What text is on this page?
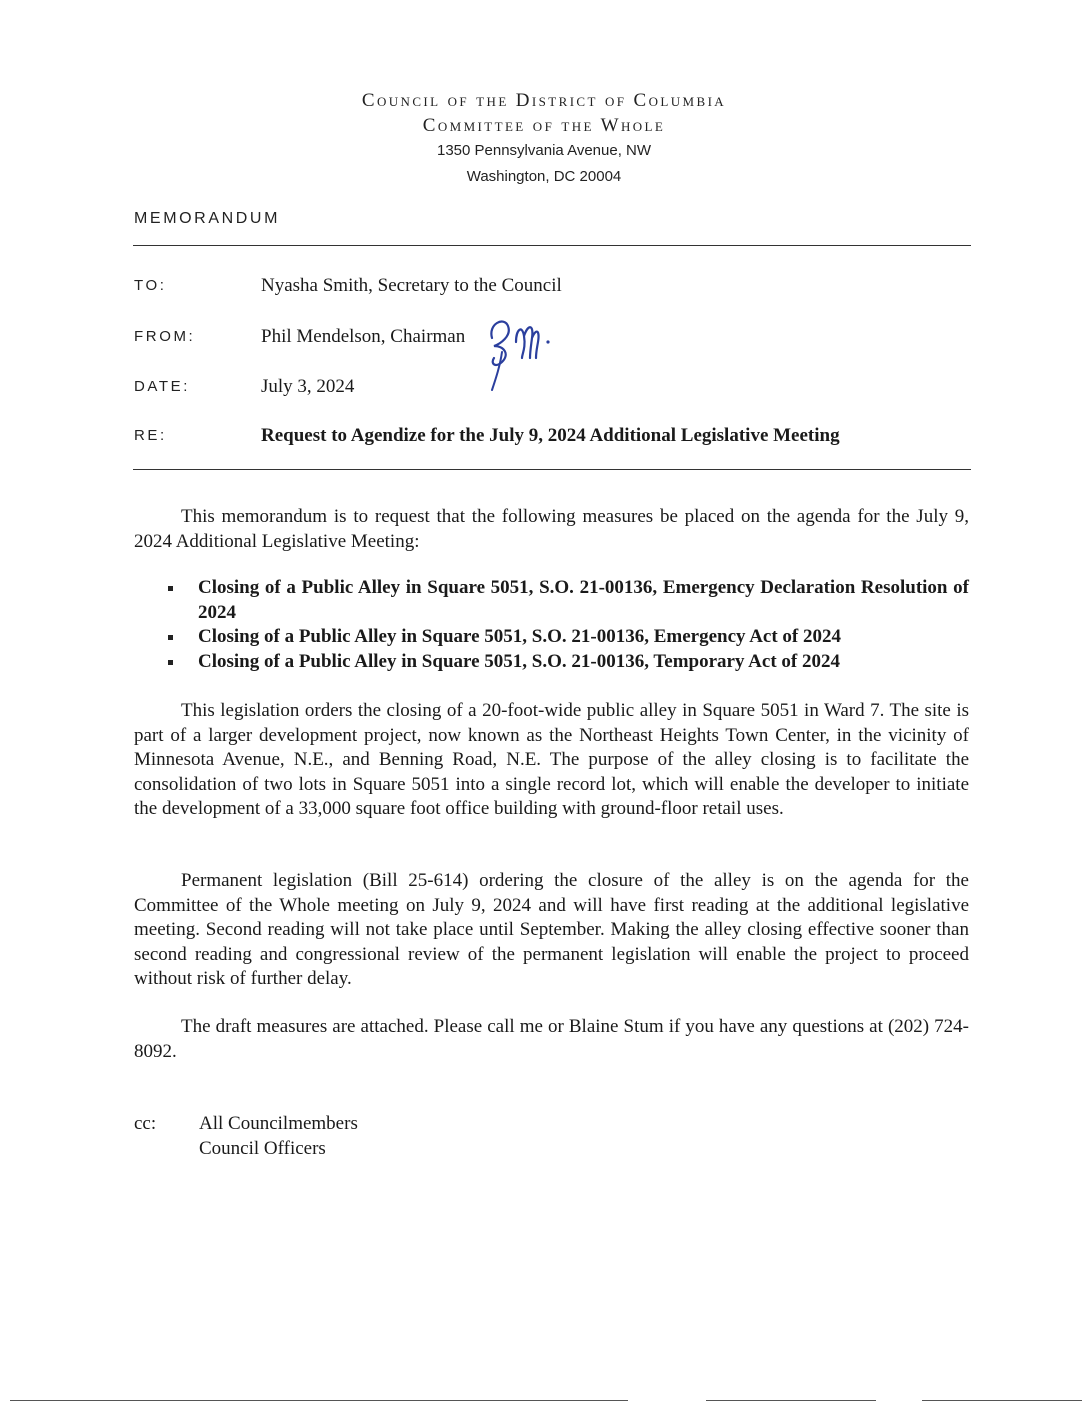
Council of the District of Columbia
Committee of the Whole
1350 Pennsylvania Avenue, NW
Washington, DC 20004
MEMORANDUM
TO:	Nyasha Smith, Secretary to the Council
FROM:	Phil Mendelson, Chairman
DATE:	July 3, 2024
RE:	Request to Agendize for the July 9, 2024 Additional Legislative Meeting
This memorandum is to request that the following measures be placed on the agenda for the July 9, 2024 Additional Legislative Meeting:
Closing of a Public Alley in Square 5051, S.O. 21-00136, Emergency Declaration Resolution of 2024
Closing of a Public Alley in Square 5051, S.O. 21-00136, Emergency Act of 2024
Closing of a Public Alley in Square 5051, S.O. 21-00136, Temporary Act of 2024
This legislation orders the closing of a 20-foot-wide public alley in Square 5051 in Ward 7. The site is part of a larger development project, now known as the Northeast Heights Town Center, in the vicinity of Minnesota Avenue, N.E., and Benning Road, N.E. The purpose of the alley closing is to facilitate the consolidation of two lots in Square 5051 into a single record lot, which will enable the developer to initiate the development of a 33,000 square foot office building with ground-floor retail uses.
Permanent legislation (Bill 25-614) ordering the closure of the alley is on the agenda for the Committee of the Whole meeting on July 9, 2024 and will have first reading at the additional legislative meeting. Second reading will not take place until September. Making the alley closing effective sooner than second reading and congressional review of the permanent legislation will enable the project to proceed without risk of further delay.
The draft measures are attached. Please call me or Blaine Stum if you have any questions at (202) 724-8092.
cc: All Councilmembers
Council Officers
